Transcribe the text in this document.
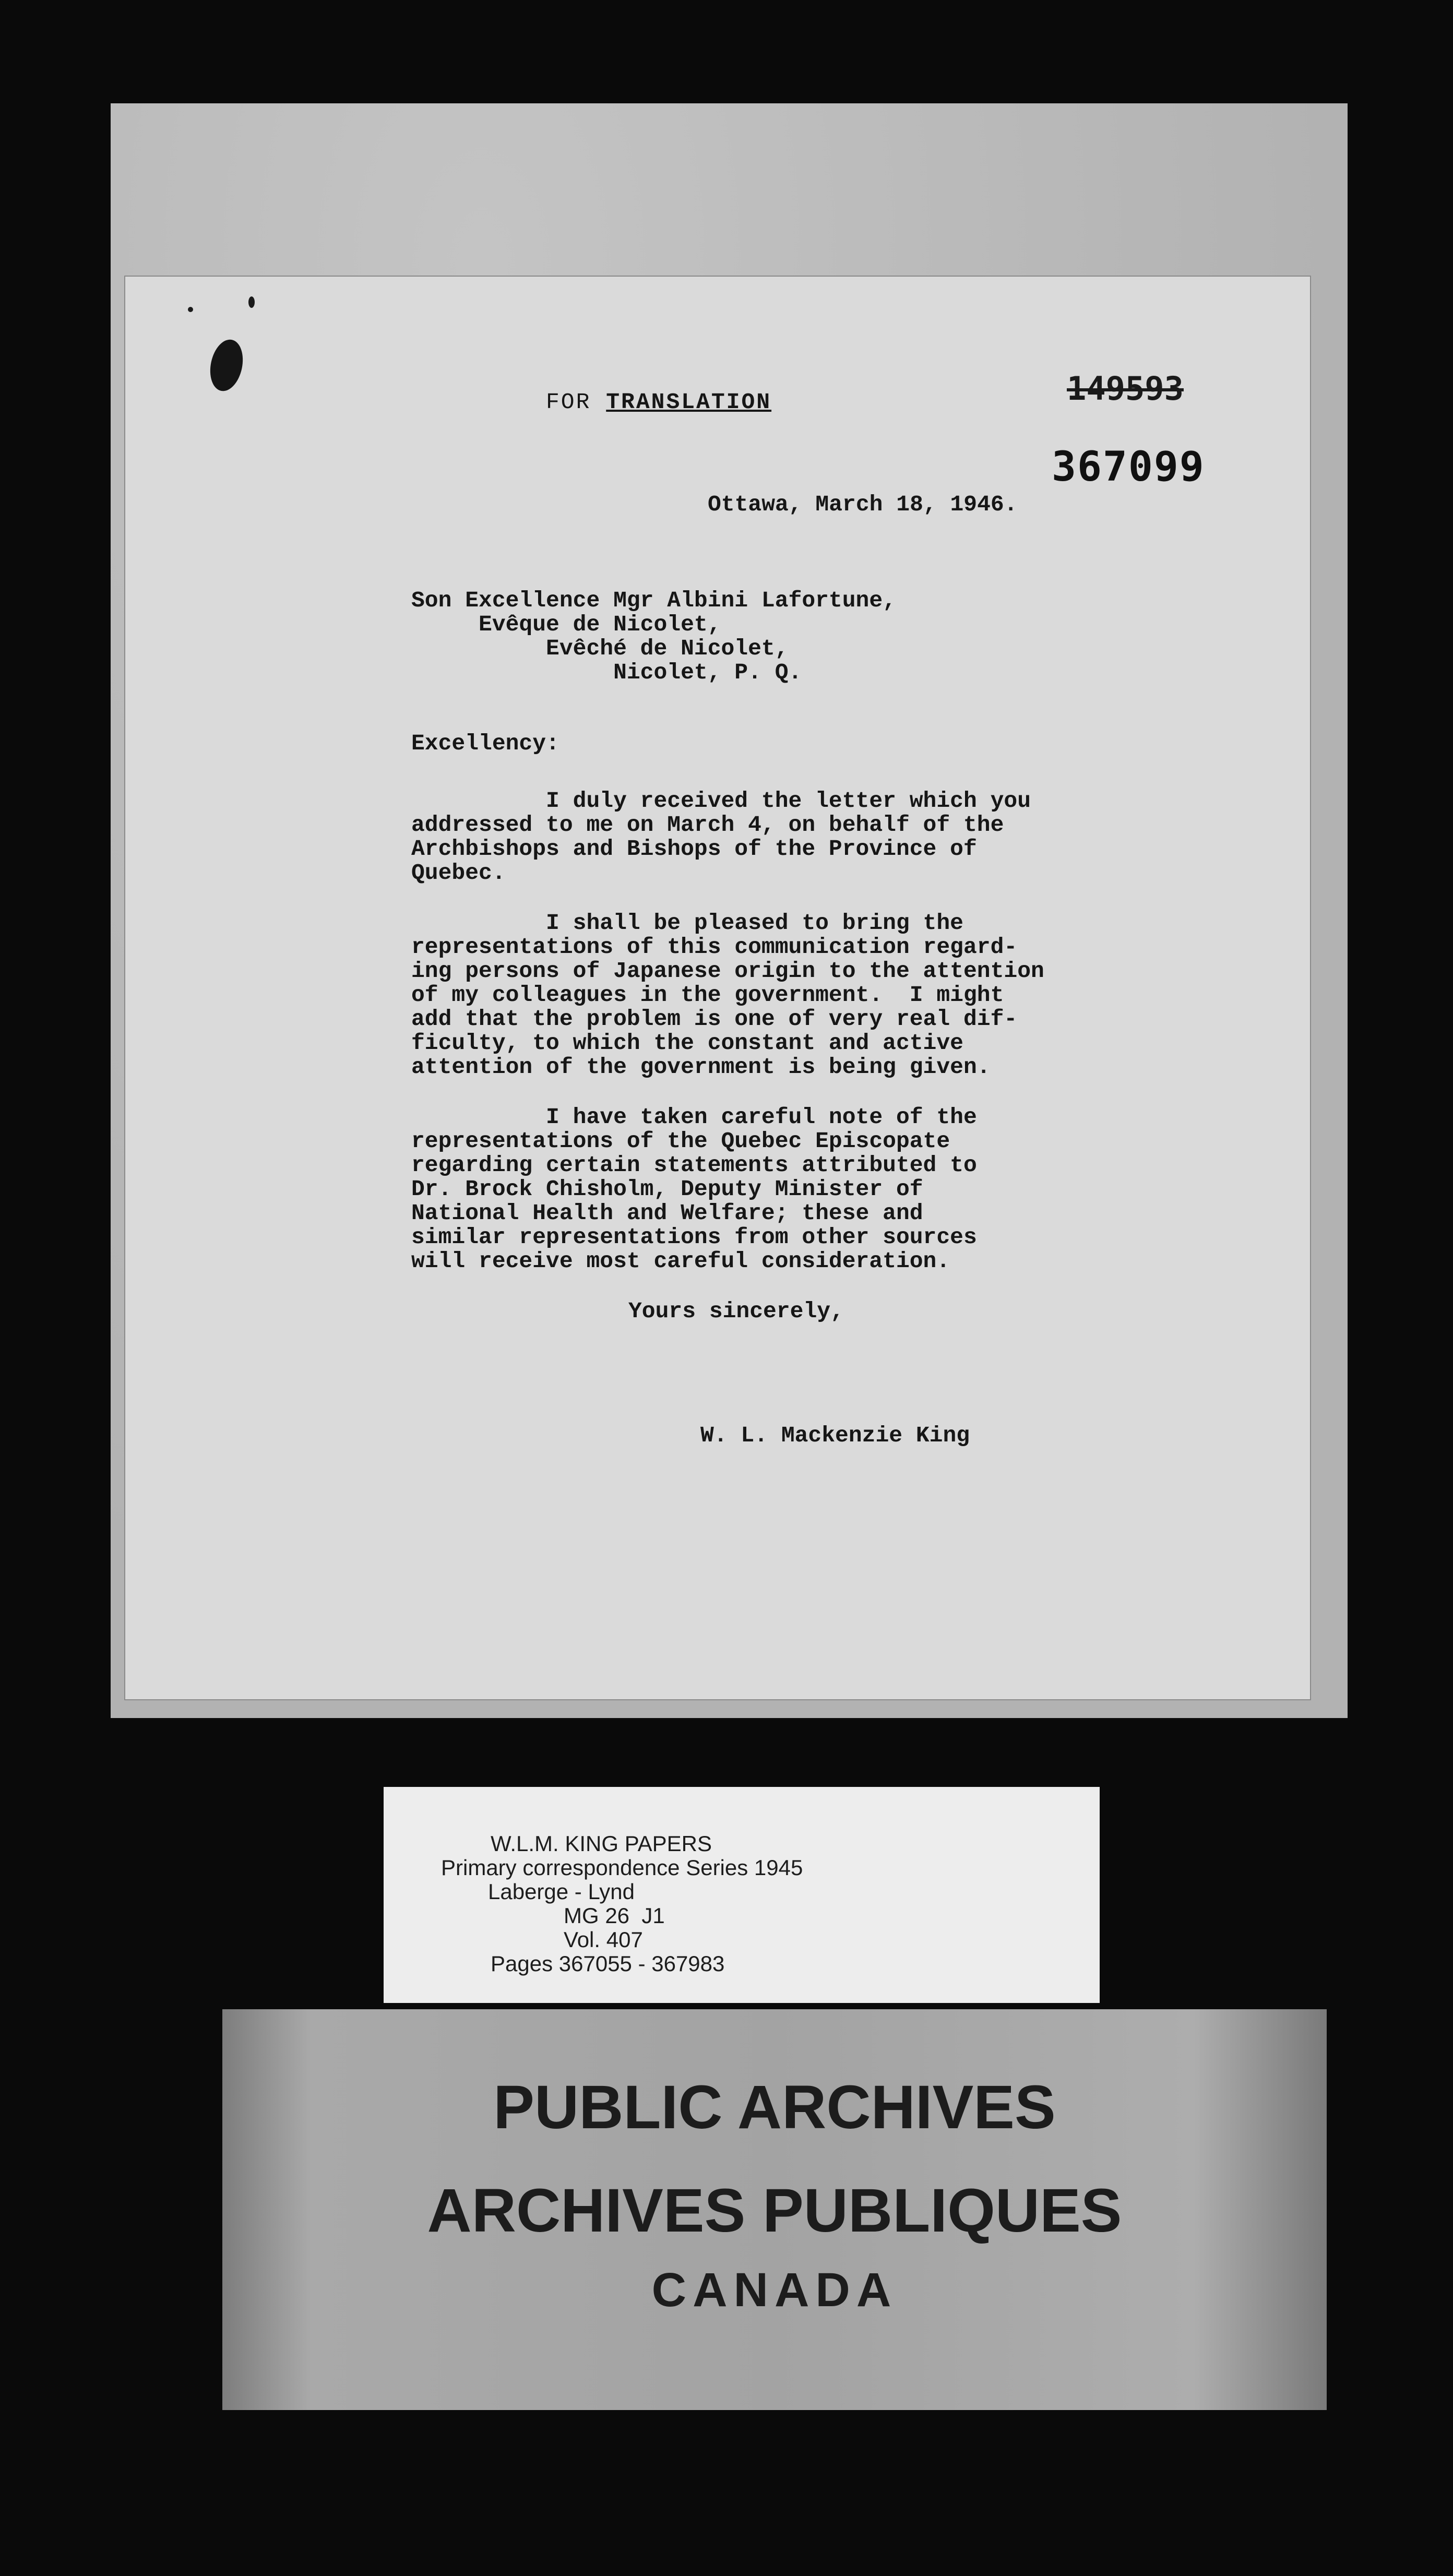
FOR TRANSLATION	149593
367099

Ottawa, March 18, 1946.

Son Excellence Mgr Albini Lafortune,

Evêque de Nicolet,

Evêché de Nicolet,

Nicolet, P. Q.

Excellency:

I duly received the letter which you

addressed to me on March 4, on behalf of the

Archbishops and Bishops of the Province of

Quebec.

I shall be pleased to bring the

representations of this communication regard-

ing persons of Japanese origin to the attention

of my colleagues in the government.  I might

add that the problem is one of very real dif-

ficulty, to which the constant and active

attention of the government is being given.

I have taken careful note of the

representations of the Quebec Episcopate

regarding certain statements attributed to

Dr. Brock Chisholm, Deputy Minister of

National Health and Welfare; these and

similar representations from other sources

will receive most careful consideration.

Yours sincerely,

W. L. Mackenzie King

W.L.M. KING PAPERS

Primary correspondence Series 1945

Laberge - Lynd

MG 26  J1

Vol. 407

Pages 367055 - 367983

PUBLIC ARCHIVES

ARCHIVES PUBLIQUES

CANADA
